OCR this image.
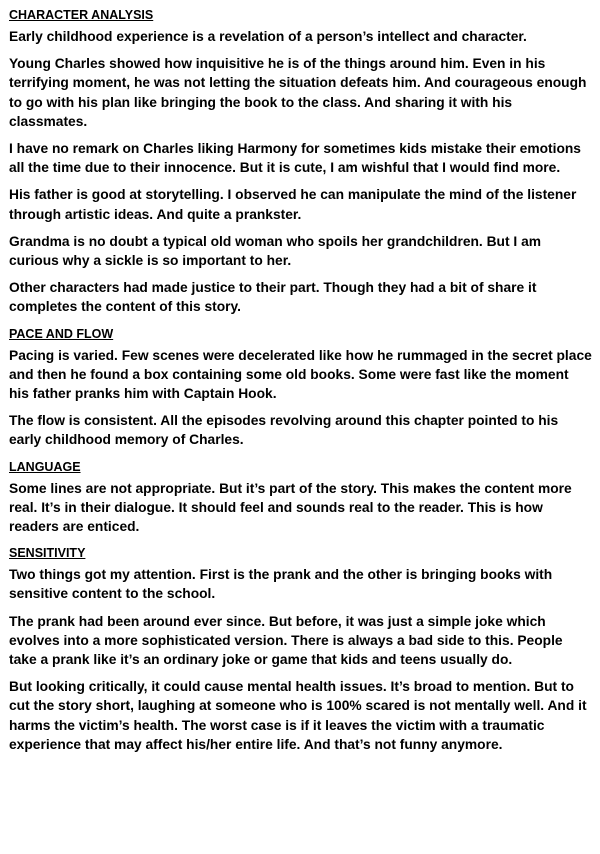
CHARACTER ANALYSIS

Early childhood experience is a revelation of a person’s intellect and character.

Young Charles showed how inquisitive he is of the things around him. Even in his terrifying moment, he was not letting the situation defeats him. And courageous enough to go with his plan like bringing the book to the class. And sharing it with his classmates.

I have no remark on Charles liking Harmony for sometimes kids mistake their emotions all the time due to their innocence. But it is cute, I am wishful that I would find more.

His father is good at storytelling. I observed he can manipulate the mind of the listener through artistic ideas. And quite a prankster.

Grandma is no doubt a typical old woman who spoils her grandchildren. But I am curious why a sickle is so important to her.

Other characters had made justice to their part. Though they had a bit of share it completes the content of this story.

PACE AND FLOW

Pacing is varied. Few scenes were decelerated like how he rummaged in the secret place and then he found a box containing some old books. Some were fast like the moment his father pranks him with Captain Hook.

The flow is consistent. All the episodes revolving around this chapter pointed to his early childhood memory of Charles.

LANGUAGE

Some lines are not appropriate. But it’s part of the story. This makes the content more real. It’s in their dialogue. It should feel and sounds real to the reader. This is how readers are enticed.

SENSITIVITY

Two things got my attention. First is the prank and the other is bringing books with sensitive content to the school.

The prank had been around ever since. But before, it was just a simple joke which evolves into a more sophisticated version. There is always a bad side to this. People take a prank like it’s an ordinary joke or game that kids and teens usually do.

But looking critically, it could cause mental health issues. It’s broad to mention. But to cut the story short, laughing at someone who is 100% scared is not mentally well. And it harms the victim’s health. The worst case is if it leaves the victim with a traumatic experience that may affect his/her entire life. And that’s not funny anymore.
